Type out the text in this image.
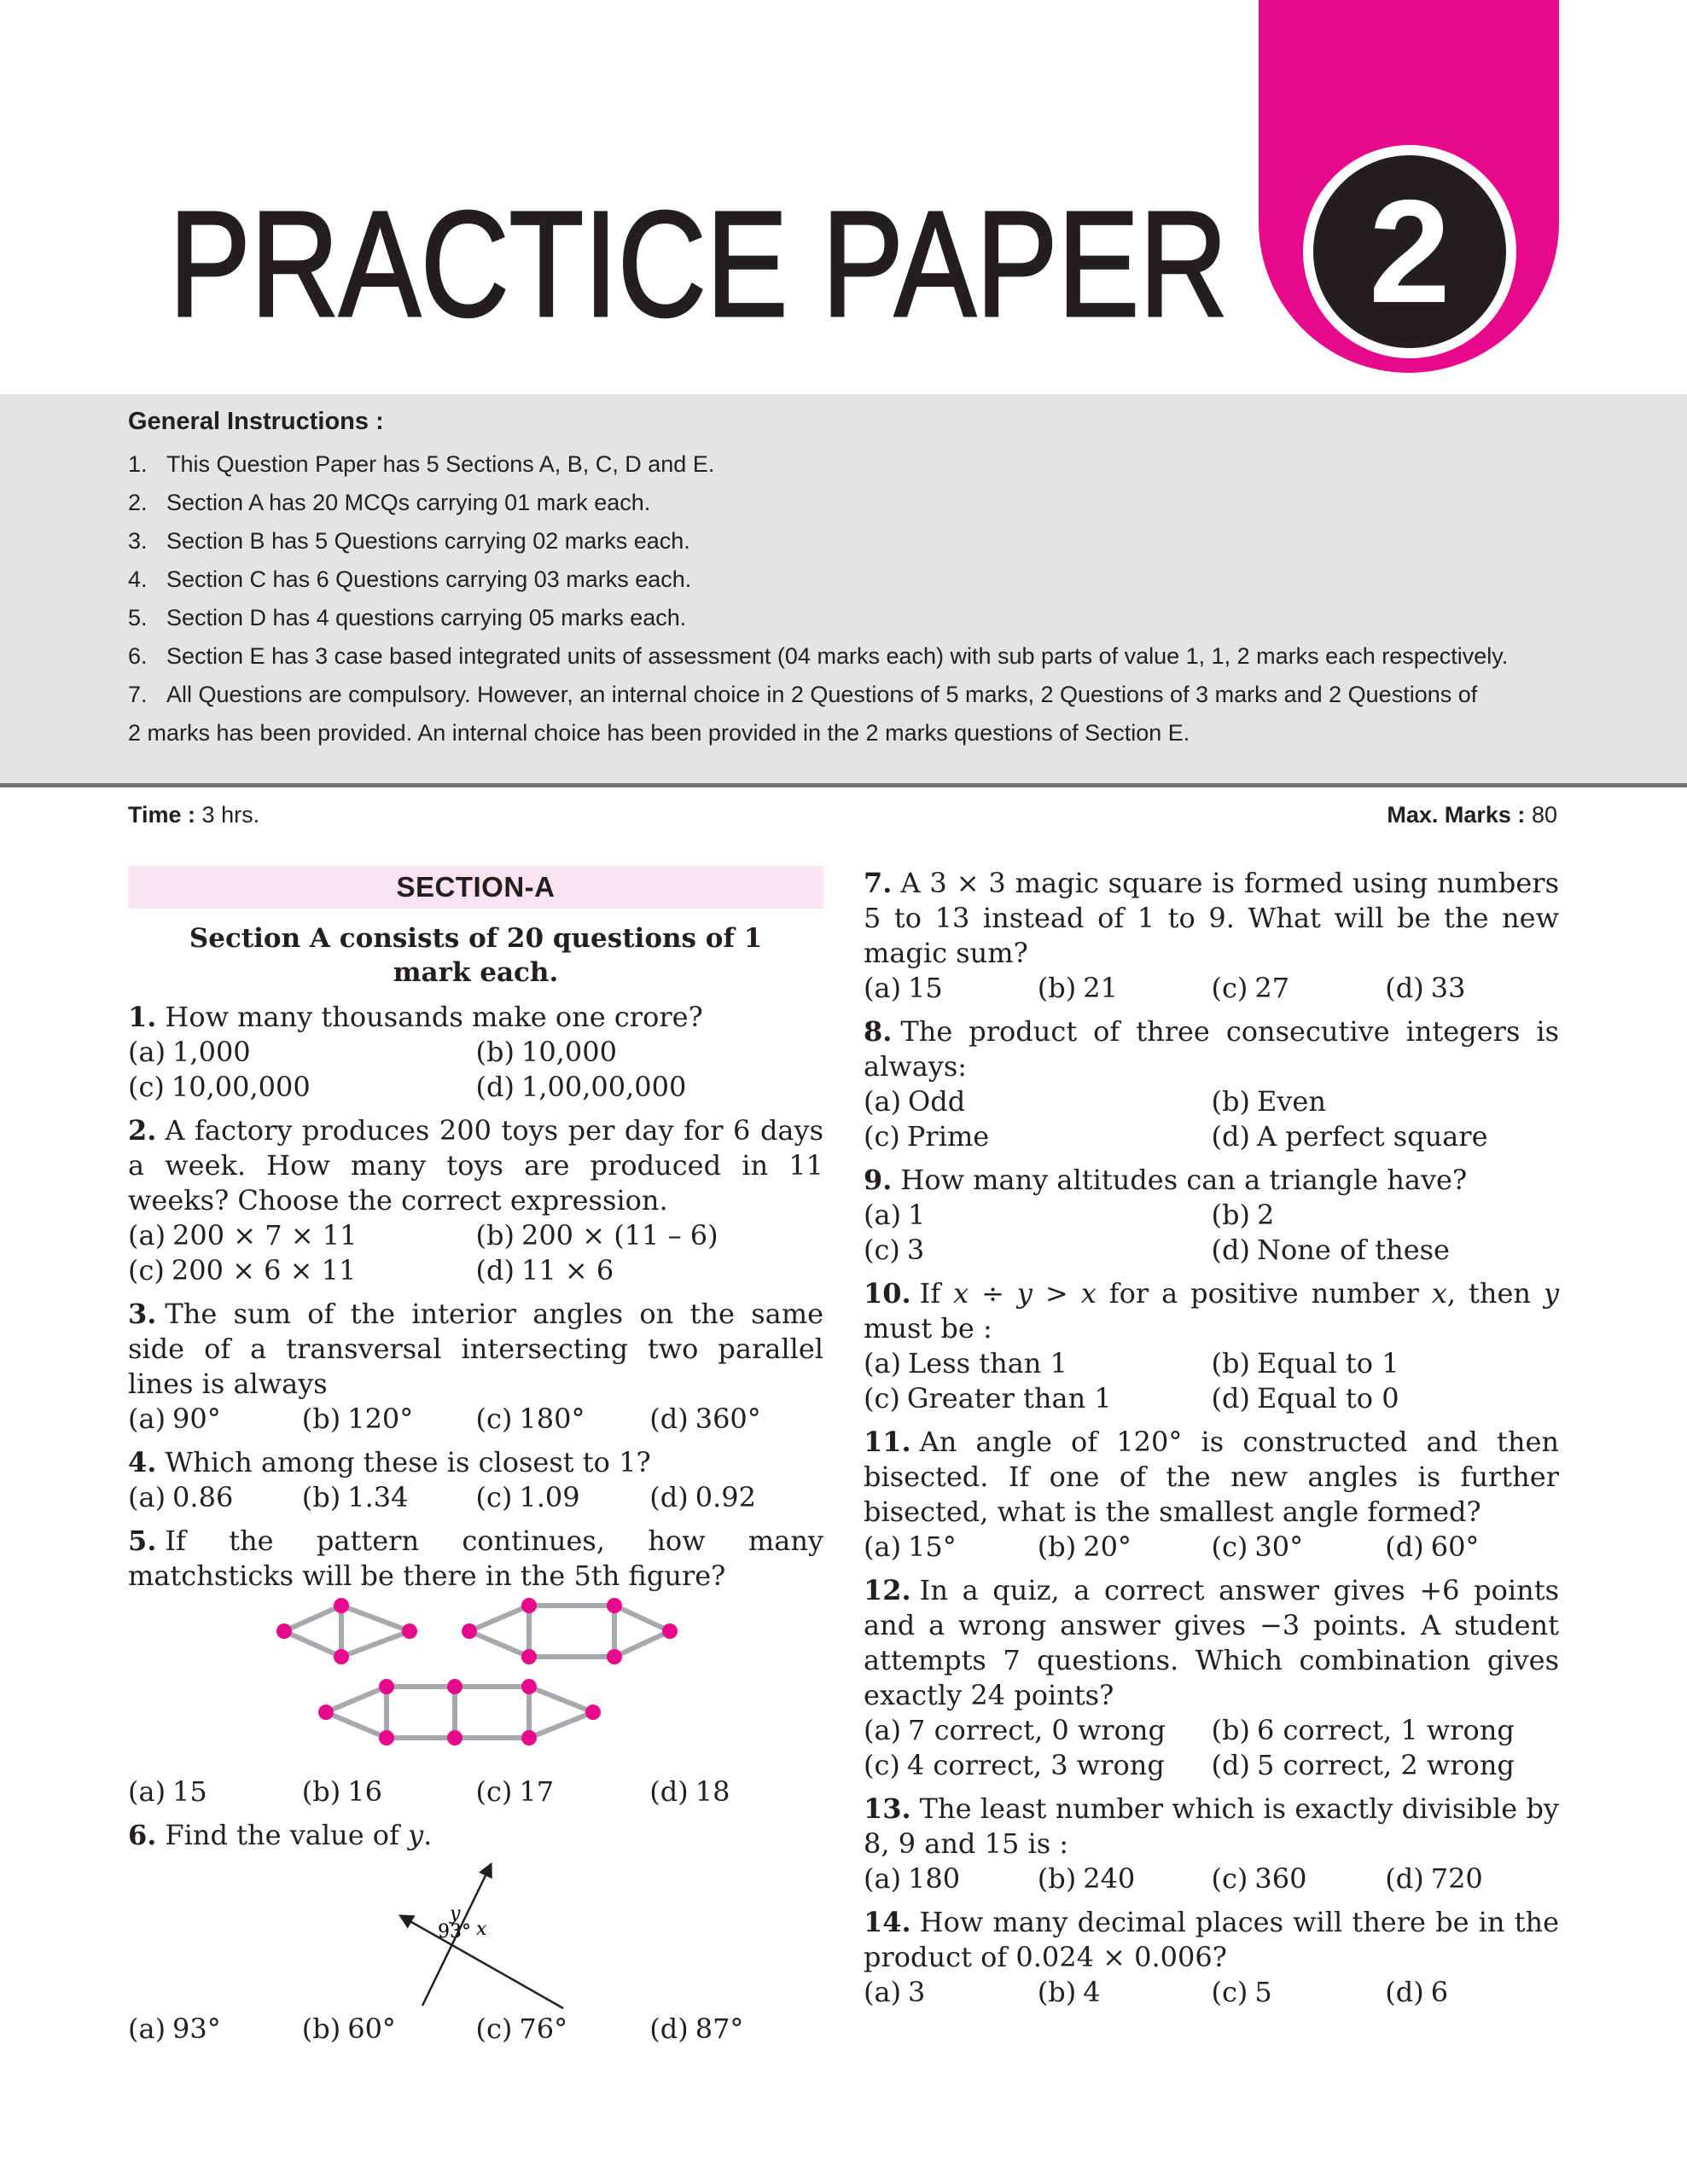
2
PRACTICE PAPER
General Instructions :
1. This Question Paper has 5 Sections A, B, C, D and E.
2. Section A has 20 MCQs carrying 01 mark each.
3. Section B has 5 Questions carrying 02 marks each.
4. Section C has 6 Questions carrying 03 marks each.
5. Section D has 4 questions carrying 05 marks each.
6. Section E has 3 case based integrated units of assessment (04 marks each) with sub parts of value 1, 1, 2 marks each respectively.
7. All Questions are compulsory. However, an internal choice in 2 Questions of 5 marks, 2 Questions of 3 marks and 2 Questions of
2 marks has been provided. An internal choice has been provided in the 2 marks questions of Section E.
Time : 3 hrs.	Max. Marks : 80
SECTION-A
Section A consists of 20 questions of 1 mark each.
1. How many thousands make one crore?
(a) 1,000	(b) 10,000
(c) 10,00,000	(d) 1,00,00,000
2. A factory produces 200 toys per day for 6 days a week. How many toys are produced in 11 weeks? Choose the correct expression.
(a) 200 × 7 × 11	(b) 200 × (11 – 6)
(c) 200 × 6 × 11	(d) 11 × 6
3. The sum of the interior angles on the same side of a transversal intersecting two parallel lines is always
(a) 90°	(b) 120°	(c) 180°	(d) 360°
4. Which among these is closest to 1?
(a) 0.86	(b) 1.34	(c) 1.09	(d) 0.92
5. If the pattern continues, how many matchsticks will be there in the 5th figure?
(a) 15	(b) 16	(c) 17	(d) 18
6. Find the value of y.
93°
y
x
(a) 93°	(b) 60°	(c) 76°	(d) 87°
7. A 3 × 3 magic square is formed using numbers 5 to 13 instead of 1 to 9. What will be the new magic sum?
(a) 15	(b) 21	(c) 27	(d) 33
8. The product of three consecutive integers is always:
(a) Odd	(b) Even
(c) Prime	(d) A perfect square
9. How many altitudes can a triangle have?
(a) 1	(b) 2
(c) 3	(d) None of these
10. If x ÷ y > x for a positive number x, then y must be :
(a) Less than 1	(b) Equal to 1
(c) Greater than 1	(d) Equal to 0
11. An angle of 120° is constructed and then bisected. If one of the new angles is further bisected, what is the smallest angle formed?
(a) 15°	(b) 20°	(c) 30°	(d) 60°
12. In a quiz, a correct answer gives +6 points and a wrong answer gives −3 points. A student attempts 7 questions. Which combination gives exactly 24 points?
(a) 7 correct, 0 wrong	(b) 6 correct, 1 wrong
(c) 4 correct, 3 wrong	(d) 5 correct, 2 wrong
13. The least number which is exactly divisible by 8, 9 and 15 is :
(a) 180	(b) 240	(c) 360	(d) 720
14. How many decimal places will there be in the product of 0.024 × 0.006?
(a) 3	(b) 4	(c) 5	(d) 6
